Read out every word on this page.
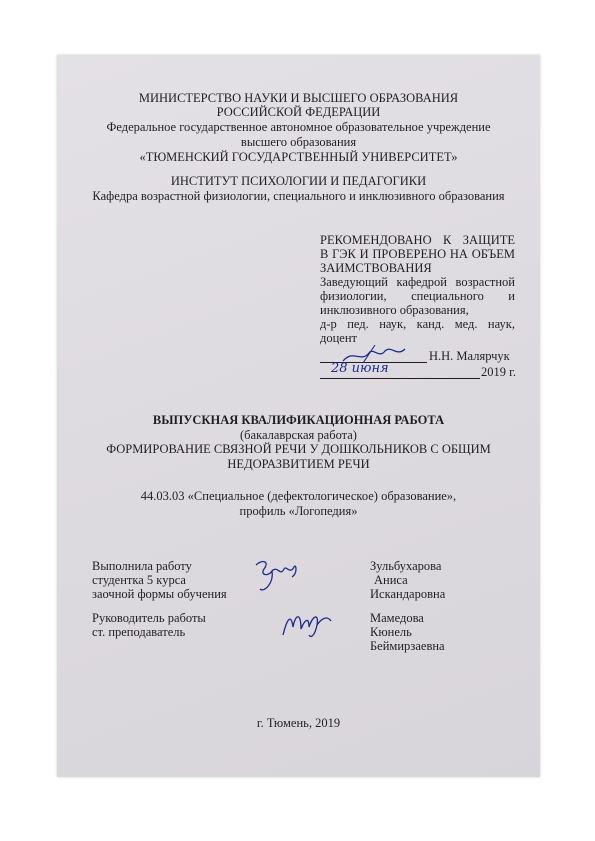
МИНИСТЕРСТВО НАУКИ И ВЫСШЕГО ОБРАЗОВАНИЯ
РОССИЙСКОЙ ФЕДЕРАЦИИ
Федеральное государственное автономное образовательное учреждение
высшего образования
«ТЮМЕНСКИЙ ГОСУДАРСТВЕННЫЙ УНИВЕРСИТЕТ»
ИНСТИТУТ ПСИХОЛОГИИ И ПЕДАГОГИКИ
Кафедра возрастной физиологии, специального и инклюзивного образования
РЕКОМЕНДОВАНО К ЗАЩИТЕ
В ГЭК И ПРОВЕРЕНО НА ОБЪЕМ
ЗАИМСТВОВАНИЯ
Заведующий кафедрой возрастной
физиологии, специального и
инклюзивного образования,
д-р пед. наук, канд. мед. наук,
доцент
Н.Н. Малярчук
28 июня	2019 г.
ВЫПУСКНАЯ КВАЛИФИКАЦИОННАЯ РАБОТА
(бакалаврская работа)
ФОРМИРОВАНИЕ СВЯЗНОЙ РЕЧИ У ДОШКОЛЬНИКОВ С ОБЩИМ
НЕДОРАЗВИТИЕМ РЕЧИ
44.03.03 «Специальное (дефектологическое) образование»,
профиль «Логопедия»
Выполнила работу
студентка 5 курса
заочной формы обучения
Зульбухарова
Аниса
Искандаровна
Руководитель работы
ст. преподаватель
Мамедова
Кюнель
Беймирзаевна
г. Тюмень, 2019
